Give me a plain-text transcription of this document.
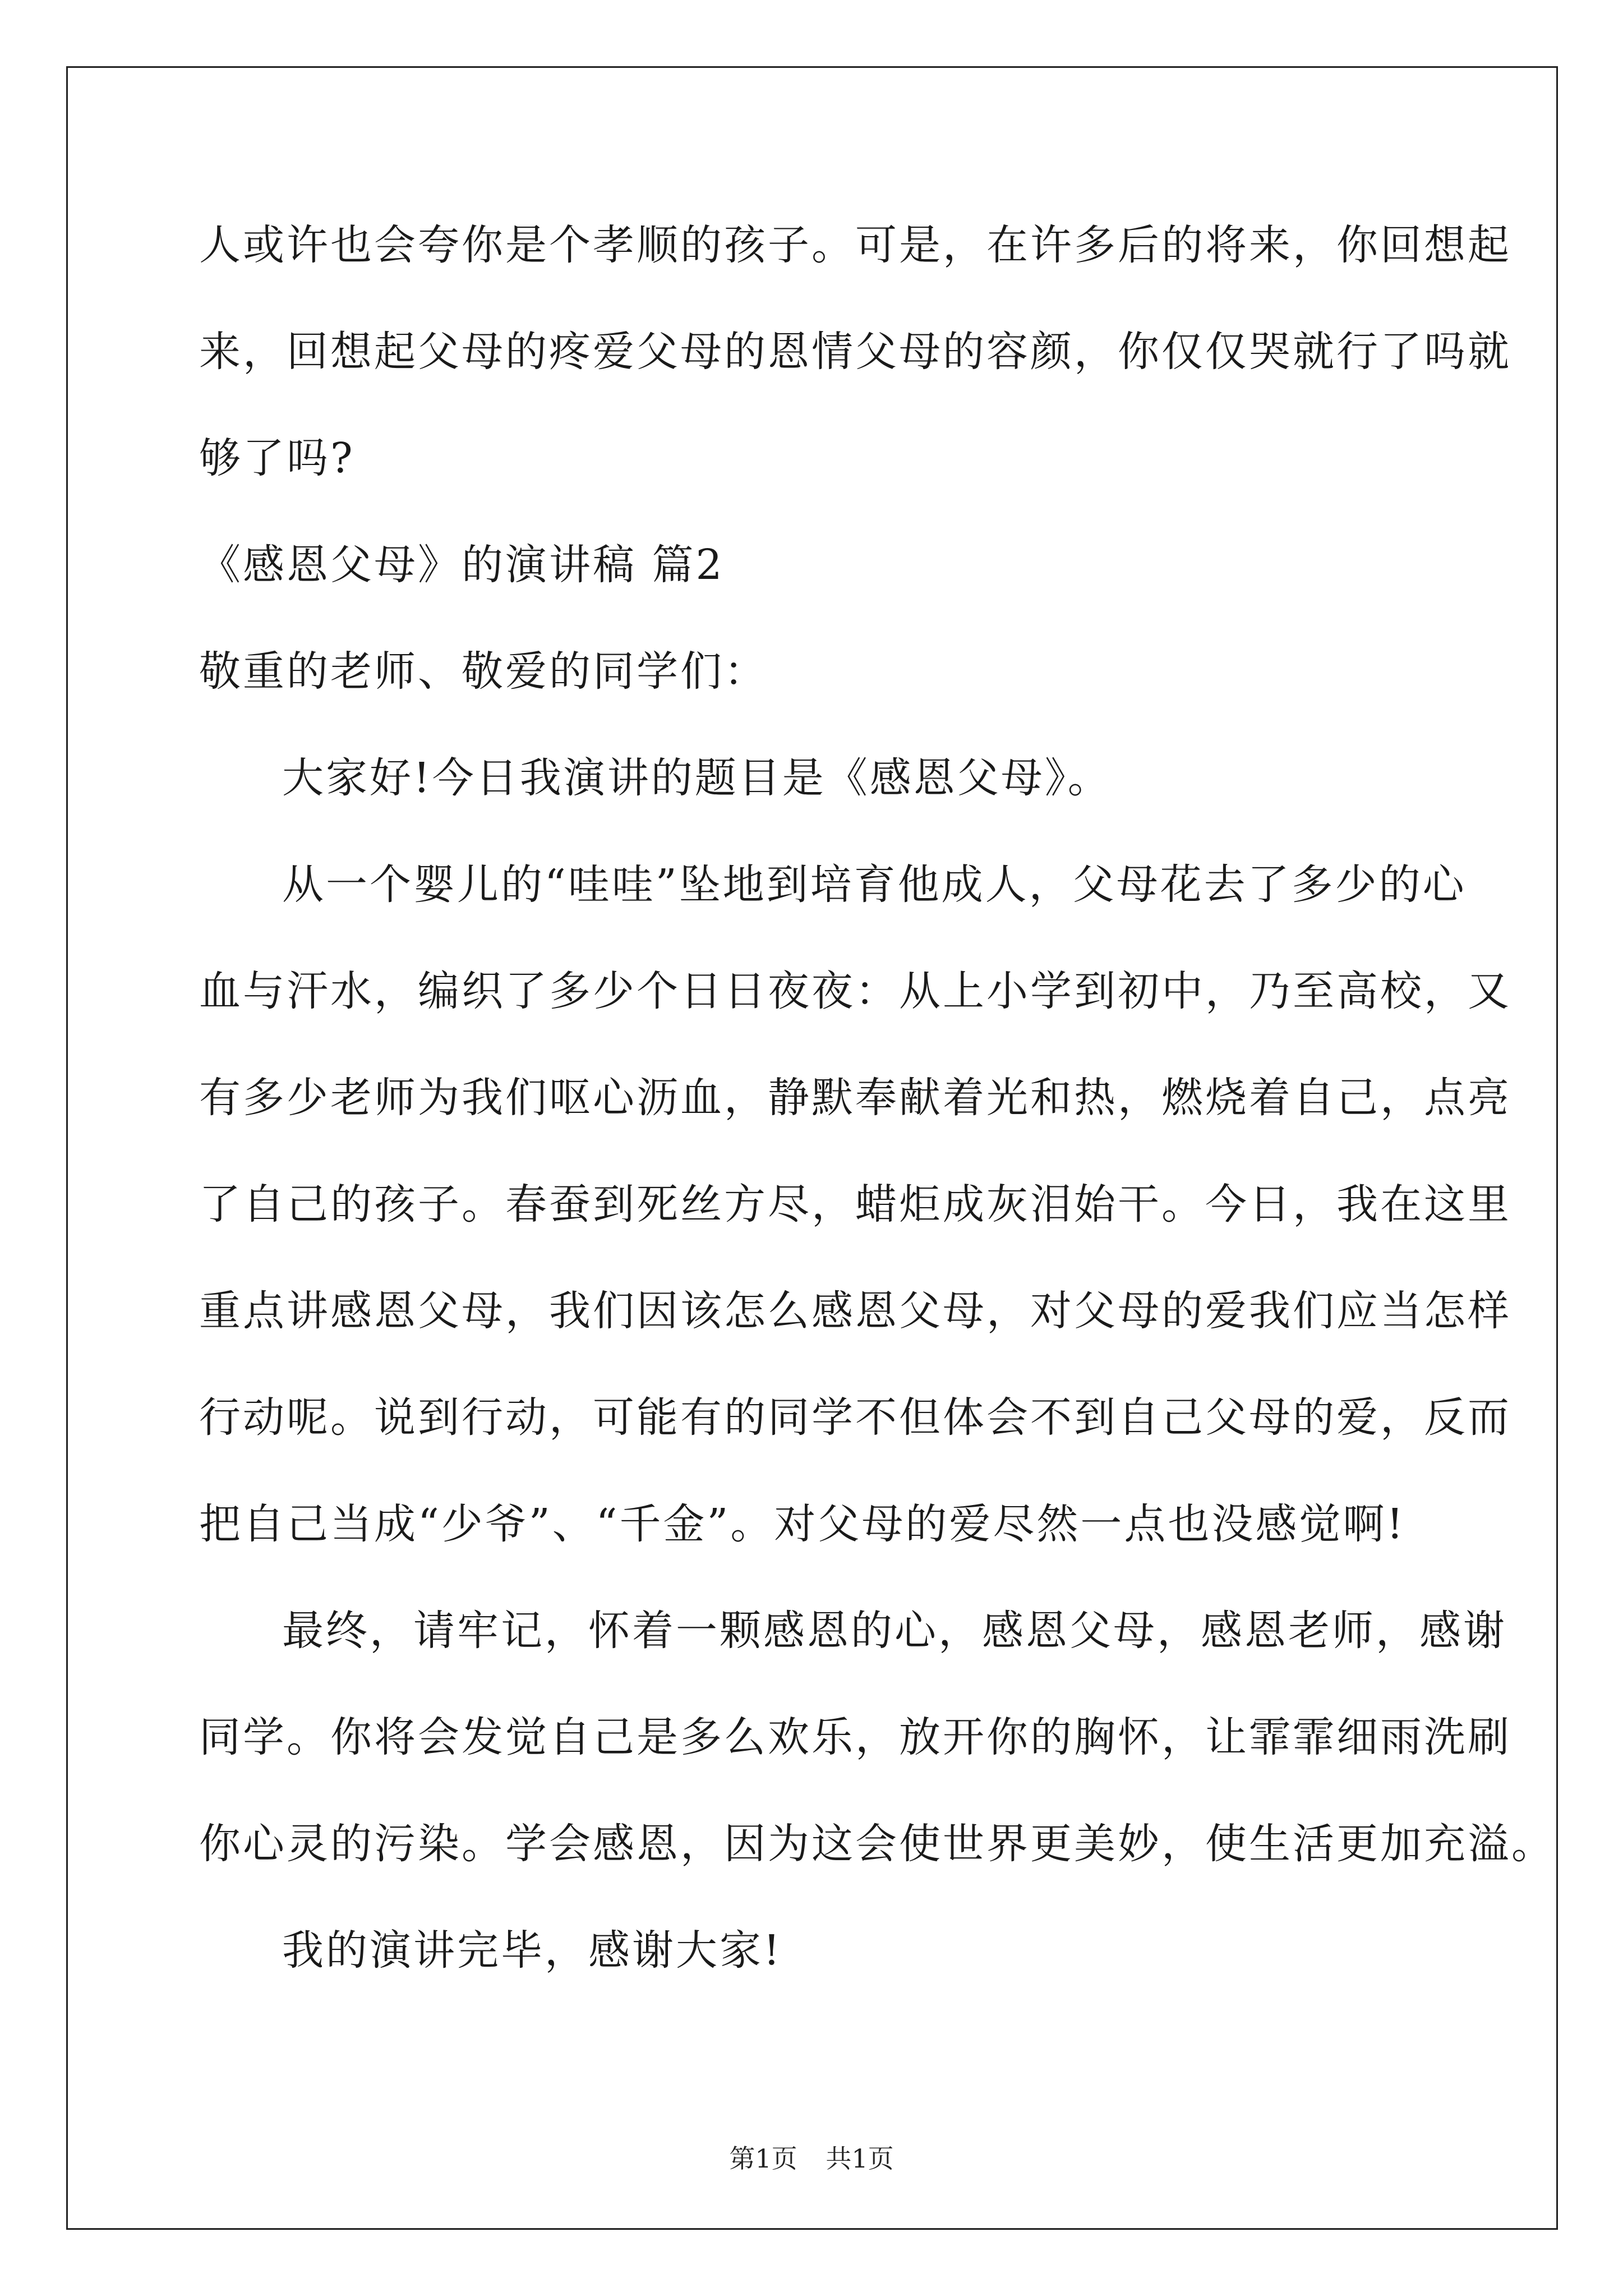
人或许也会夸你是个孝顺的孩子。可是，在许多后的将来，你回想起
来，回想起父母的疼爱父母的恩情父母的容颜，你仅仅哭就行了吗就
够了吗?
《感恩父母》的演讲稿 篇2
敬重的老师、敬爱的同学们：
大家好!今日我演讲的题目是《感恩父母》。
从一个婴儿的“哇哇”坠地到培育他成人，父母花去了多少的心
血与汗水，编织了多少个日日夜夜：从上小学到初中，乃至高校，又
有多少老师为我们呕心沥血，静默奉献着光和热，燃烧着自己，点亮
了自己的孩子。春蚕到死丝方尽，蜡炬成灰泪始干。今日，我在这里
重点讲感恩父母，我们因该怎么感恩父母，对父母的爱我们应当怎样
行动呢。说到行动，可能有的同学不但体会不到自己父母的爱，反而
把自己当成“少爷”、“千金”。对父母的爱尽然一点也没感觉啊!
最终，请牢记，怀着一颗感恩的心，感恩父母，感恩老师，感谢
同学。你将会发觉自己是多么欢乐，放开你的胸怀，让霏霏细雨洗刷
你心灵的污染。学会感恩，因为这会使世界更美妙，使生活更加充溢。
我的演讲完毕，感谢大家!
第1页 共1页
